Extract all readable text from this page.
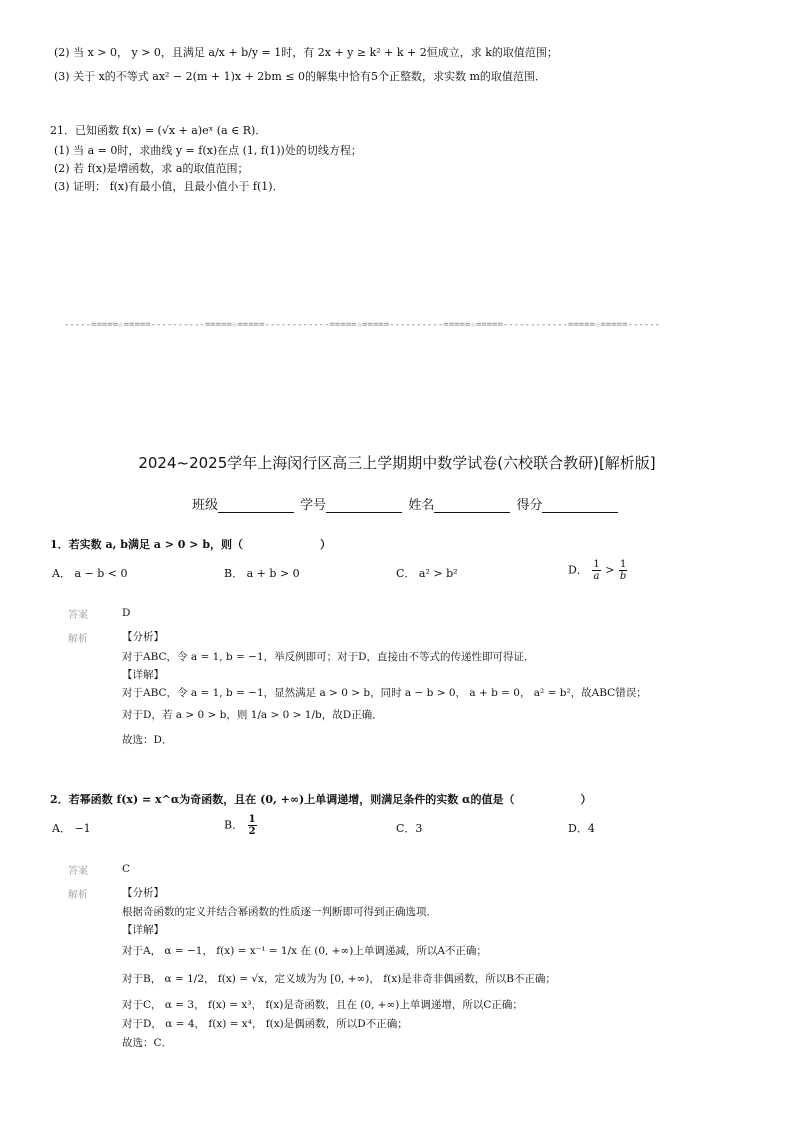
(2) 当 x > 0， y > 0，且满足 a/x + b/y = 1时，有 2x + y ≥ k² + k + 2恒成立，求 k的取值范围；
(3) 关于 x的不等式 ax² − 2(m + 1)x + 2bm ≤ 0的解集中恰有5个正整数，求实数 m的取值范围．
21．已知函数 f(x) = (√x + a)eˣ (a ∈ R)．
(1) 当 a = 0时，求曲线 y = f(x)在点 (1, f(1))处的切线方程；
(2) 若 f(x)是增函数，求 a的取值范围；
(3) 证明： f(x)有最小值，且最小值小于 f(1)．
-----=====☆=====----------=====☆=====------------=====☆=====----------=====☆=====------------=====☆=====------
2024~2025学年上海闵行区高三上学期期中数学试卷(六校联合教研)[解析版]
班级	学号	姓名	得分
1．若实数 a, b满足 a > 0 > b，则（　　　　　　　）
A． a − b < 0	B． a + b > 0	C． a² > b²	D． $\frac{1}{a} > \frac{1}{b}$
答案	D
解析	【分析】
对于ABC，令 a = 1, b = −1，举反例即可；对于D，直接由不等式的传递性即可得证．
【详解】
对于ABC，令 a = 1, b = −1，显然满足 a > 0 > b，同时 a − b > 0， a + b = 0， a² = b²，故ABC错误；
对于D，若 a > 0 > b，则 1/a > 0 > 1/b，故D正确．
故选：D．
2．若幂函数 f(x) = x^α为奇函数，且在 (0, +∞)上单调递增，则满足条件的实数 α的值是（　　　　　　）
A． −1	B． $\frac{1}{2}$	C．3	D．4
答案	C
解析	【分析】
根据奇函数的定义并结合幂函数的性质逐一判断即可得到正确选项．
【详解】
对于A， α = −1， f(x) = x⁻¹ = 1/x 在 (0, +∞)上单调递减，所以A不正确；
对于B， α = 1/2， f(x) = √x，定义域为为 [0, +∞)， f(x)是非奇非偶函数，所以B不正确；
对于C， α = 3， f(x) = x³， f(x)是奇函数，且在 (0, +∞)上单调递增，所以C正确；
对于D， α = 4， f(x) = x⁴， f(x)是偶函数，所以D不正确；
故选：C．
